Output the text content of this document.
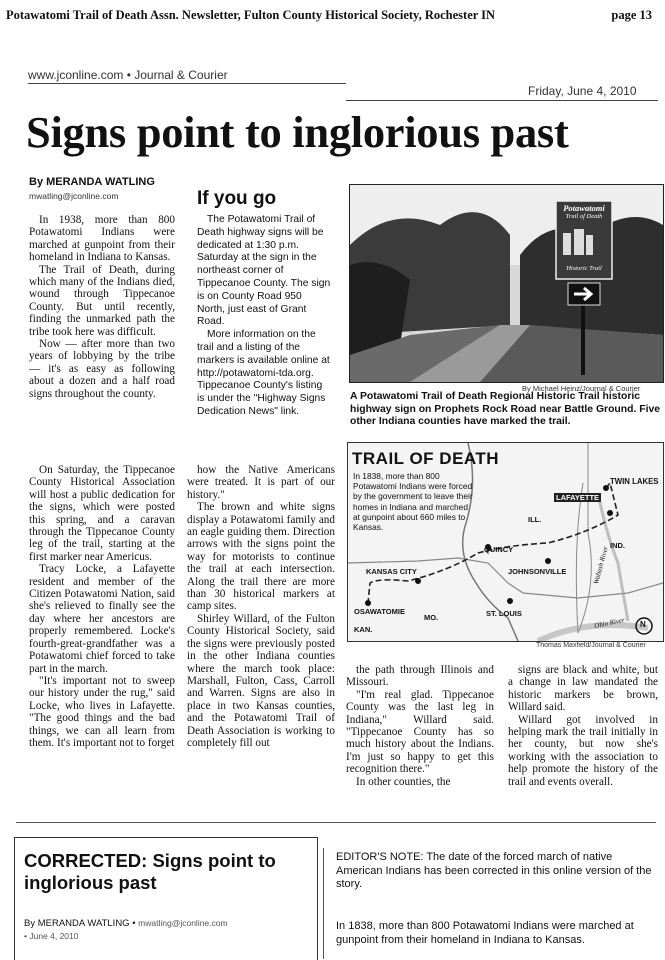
Potawatomi Trail of Death Assn. Newsletter, Fulton County Historical Society, Rochester IN	page 13
www.jconline.com • Journal & Courier
Friday, June 4, 2010
Signs point to inglorious past
By MERANDA WATLING
mwatling@jconline.com

In 1938, more than 800 Potawatomi Indians were marched at gunpoint from their homeland in Indiana to Kansas.

The Trail of Death, during which many of the Indians died, wound through Tippecanoe County. But until recently, finding the unmarked path the tribe took here was difficult.

Now — after more than two years of lobbying by the tribe — it's as easy as following about a dozen and a half road signs throughout the county.

If you go

The Potawatomi Trail of Death highway signs will be dedicated at 1:30 p.m. Saturday at the sign in the northeast corner of Tippecanoe County. The sign is on County Road 950 North, just east of Grant Road.

More information on the trail and a listing of the markers is available online at http://potawatomi-tda.org. Tippecanoe County's listing is under the "Highway Signs Dedication News" link.

Potawatomi
Trail of Death
Historic Trail
By Michael Heinz/Journal & Courier
A Potawatomi Trail of Death Regional Historic Trail historic highway sign on Prophets Rock Road near Battle Ground. Five other Indiana counties have marked the trail.
TRAIL OF DEATH
In 1838, more than 800 Potawatomi Indians were forced by the government to leave their homes in Indiana and marched at gunpoint about 660 miles to Kansas.
TWIN LAKES
LAFAYETTE
ILL.
IND.
QUINCY
JOHNSONVILLE
KANSAS CITY
OSAWATOMIE
KAN.
MO.	ST. LOUIS
Wabash River
Ohio River N
Thomas Maxfield/Journal & Courier

On Saturday, the Tippecanoe County Historical Association will host a public dedication for the signs, which were posted this spring, and a caravan through the Tippecanoe County leg of the trail, starting at the first marker near Americus.

Tracy Locke, a Lafayette resident and member of the Citizen Potawatomi Nation, said she's relieved to finally see the day where her ancestors are properly remembered. Locke's fourth-great-grandfather was a Potawatomi chief forced to take part in the march.

"It's important not to sweep our history under the rug," said Locke, who lives in Lafayette. "The good things and the bad things, we can all learn from them. It's important not to forget

how the Native Americans were treated. It is part of our history."

The brown and white signs display a Potawatomi family and an eagle guiding them. Direction arrows with the signs point the way for motorists to continue the trail at each intersection. Along the trail there are more than 30 historical markers at camp sites.

Shirley Willard, of the Fulton County Historical Society, said the signs were previously posted in the other Indiana counties where the march took place: Marshall, Fulton, Cass, Carroll and Warren. Signs are also in place in two Kansas counties, and the Potawatomi Trail of Death Association is working to completely fill out

the path through Illinois and Missouri.

"I'm real glad. Tippecanoe County was the last leg in Indiana," Willard said. "Tippecanoe County has so much history about the Indians. I'm just so happy to get this recognition there."

In other counties, the

signs are black and white, but a change in law mandated the historic markers be brown, Willard said.

Willard got involved in helping mark the trail initially in her county, but now she's working with the association to help promote the history of the trail and events overall.

CORRECTED: Signs point to inglorious past
By MERANDA WATLING • mwatling@jconline.com
• June 4, 2010
EDITOR'S NOTE: The date of the forced march of native American Indians has been corrected in this online version of the story.
In 1838, more than 800 Potawatomi Indians were marched at gunpoint from their homeland in Indiana to Kansas.
